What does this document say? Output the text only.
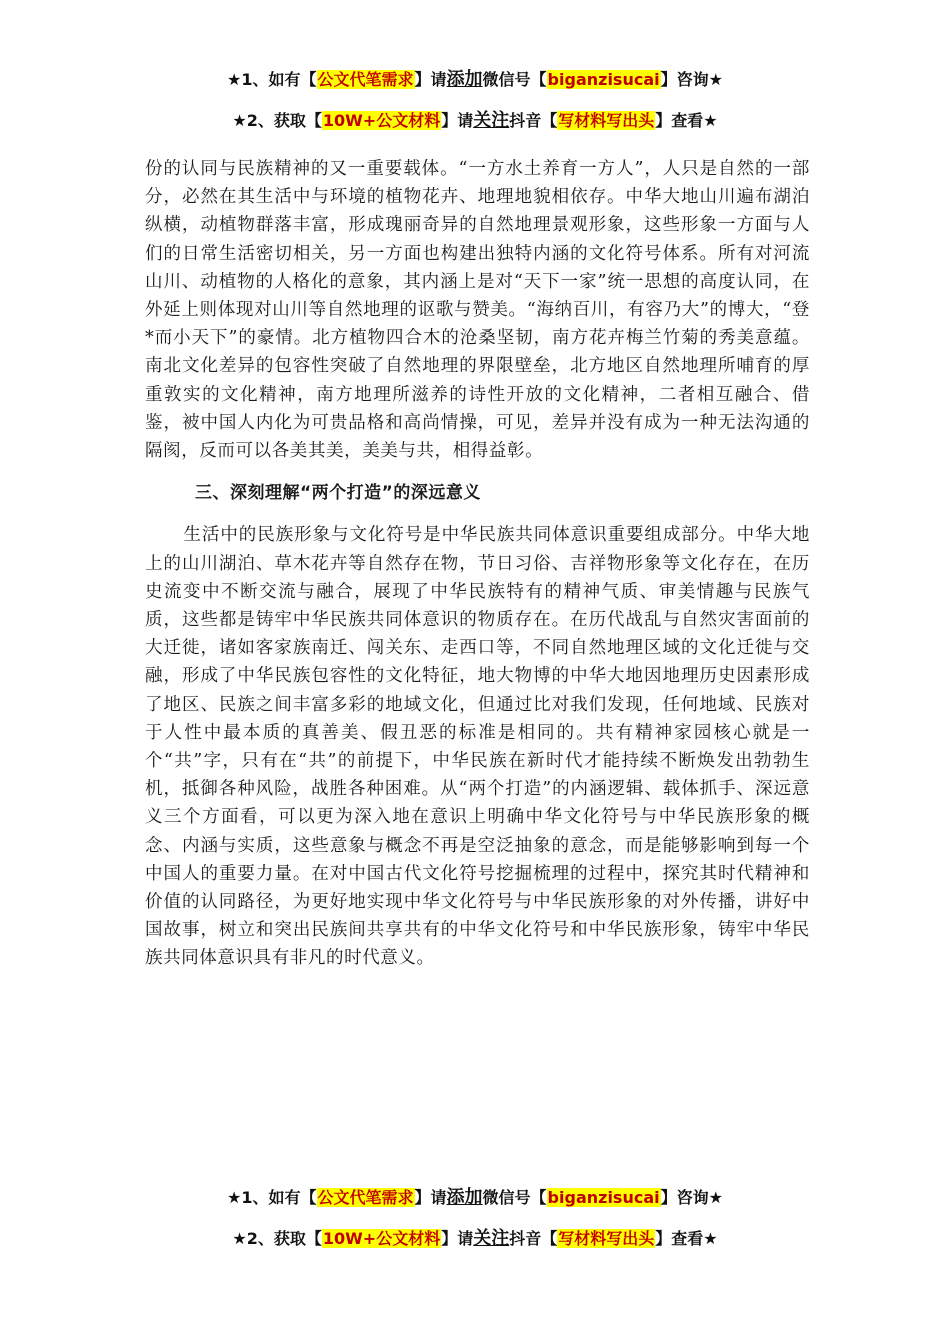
★1、如有【公文代笔需求】请添加微信号【biganzisucai】咨询★
★2、获取【10W+公文材料】请关注抖音【写材料写出头】查看★

份的认同与民族精神的又一重要载体。“一方水土养育一方人”，人只是自然的一部分，必然在其生活中与环境的植物花卉、地理地貌相依存。中华大地山川遍布湖泊纵横，动植物群落丰富，形成瑰丽奇异的自然地理景观形象，这些形象一方面与人们的日常生活密切相关，另一方面也构建出独特内涵的文化符号体系。所有对河流山川、动植物的人格化的意象，其内涵上是对“天下一家”统一思想的高度认同，在外延上则体现对山川等自然地理的讴歌与赞美。“海纳百川，有容乃大”的博大，“登*而小天下”的豪情。北方植物四合木的沧桑坚韧，南方花卉梅兰竹菊的秀美意蕴。南北文化差异的包容性突破了自然地理的界限壁垒，北方地区自然地理所哺育的厚重敦实的文化精神，南方地理所滋养的诗性开放的文化精神，二者相互融合、借鉴，被中国人内化为可贵品格和高尚情操，可见，差异并没有成为一种无法沟通的隔阂，反而可以各美其美，美美与共，相得益彰。

三、深刻理解“两个打造”的深远意义

生活中的民族形象与文化符号是中华民族共同体意识重要组成部分。中华大地上的山川湖泊、草木花卉等自然存在物，节日习俗、吉祥物形象等文化存在，在历史流变中不断交流与融合，展现了中华民族特有的精神气质、审美情趣与民族气质，这些都是铸牢中华民族共同体意识的物质存在。在历代战乱与自然灾害面前的大迁徙，诸如客家族南迁、闯关东、走西口等，不同自然地理区域的文化迁徙与交融，形成了中华民族包容性的文化特征，地大物博的中华大地因地理历史因素形成了地区、民族之间丰富多彩的地域文化，但通过比对我们发现，任何地域、民族对于人性中最本质的真善美、假丑恶的标准是相同的。共有精神家园核心就是一个“共”字，只有在“共”的前提下，中华民族在新时代才能持续不断焕发出勃勃生机，抵御各种风险，战胜各种困难。从“两个打造”的内涵逻辑、载体抓手、深远意义三个方面看，可以更为深入地在意识上明确中华文化符号与中华民族形象的概念、内涵与实质，这些意象与概念不再是空泛抽象的意念，而是能够影响到每一个中国人的重要力量。在对中国古代文化符号挖掘梳理的过程中，探究其时代精神和价值的认同路径，为更好地实现中华文化符号与中华民族形象的对外传播，讲好中国故事，树立和突出民族间共享共有的中华文化符号和中华民族形象，铸牢中华民族共同体意识具有非凡的时代意义。

★1、如有【公文代笔需求】请添加微信号【biganzisucai】咨询★
★2、获取【10W+公文材料】请关注抖音【写材料写出头】查看★
